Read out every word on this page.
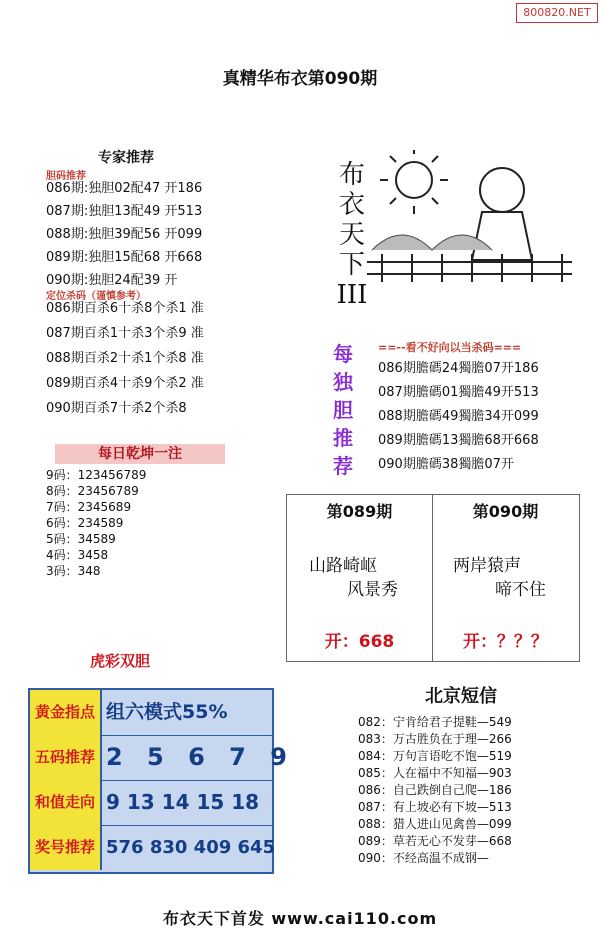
800820.NET
真精华布衣第090期
专家推荐
胆码推荐
086期:独胆02配47 开186
087期:独胆13配49 开513
088期:独胆39配56 开099
089期:独胆15配68 开668
090期:独胆24配39 开
定位杀码（谨慎参考）
086期百杀6十杀8个杀1 准
087期百杀1十杀3个杀9 准
088期百杀2十杀1个杀8 准
089期百杀4十杀9个杀2 准
090期百杀7十杀2个杀8
每日乾坤一注
9码：123456789
8码：23456789
7码：2345689
6码：234589
5码：34589
4码：3458
3码：348
虎彩双胆
黄金指点 组六模式55%
五码推荐 2 5 6 7 9
和值走向 9 13 14 15 18
奖号推荐 576 830 409 645
布
衣
天
下
III
每
独
胆
推
荐
==--看不好向以当杀码===
086期膽碼24獨膽07开186
087期膽碼01獨膽49开513
088期膽碼49獨膽34开099
089期膽碼13獨膽68开668
090期膽碼38獨膽07开
第089期
山路崎岖
风景秀
开：668
第090期
两岸猿声
啼不住
开：？？？
北京短信
082：宁肯给君子提鞋—549
083：万古胜负在于理—266
084：万句言语吃不饱—519
085：人在福中不知福—903
086：自己跌倒自己爬—186
087：有上坡必有下坡—513
088：猎人进山见禽兽—099
089：草若无心不发芽—668
090：不经高温不成钢—
布衣天下首发 www.cai110.com
